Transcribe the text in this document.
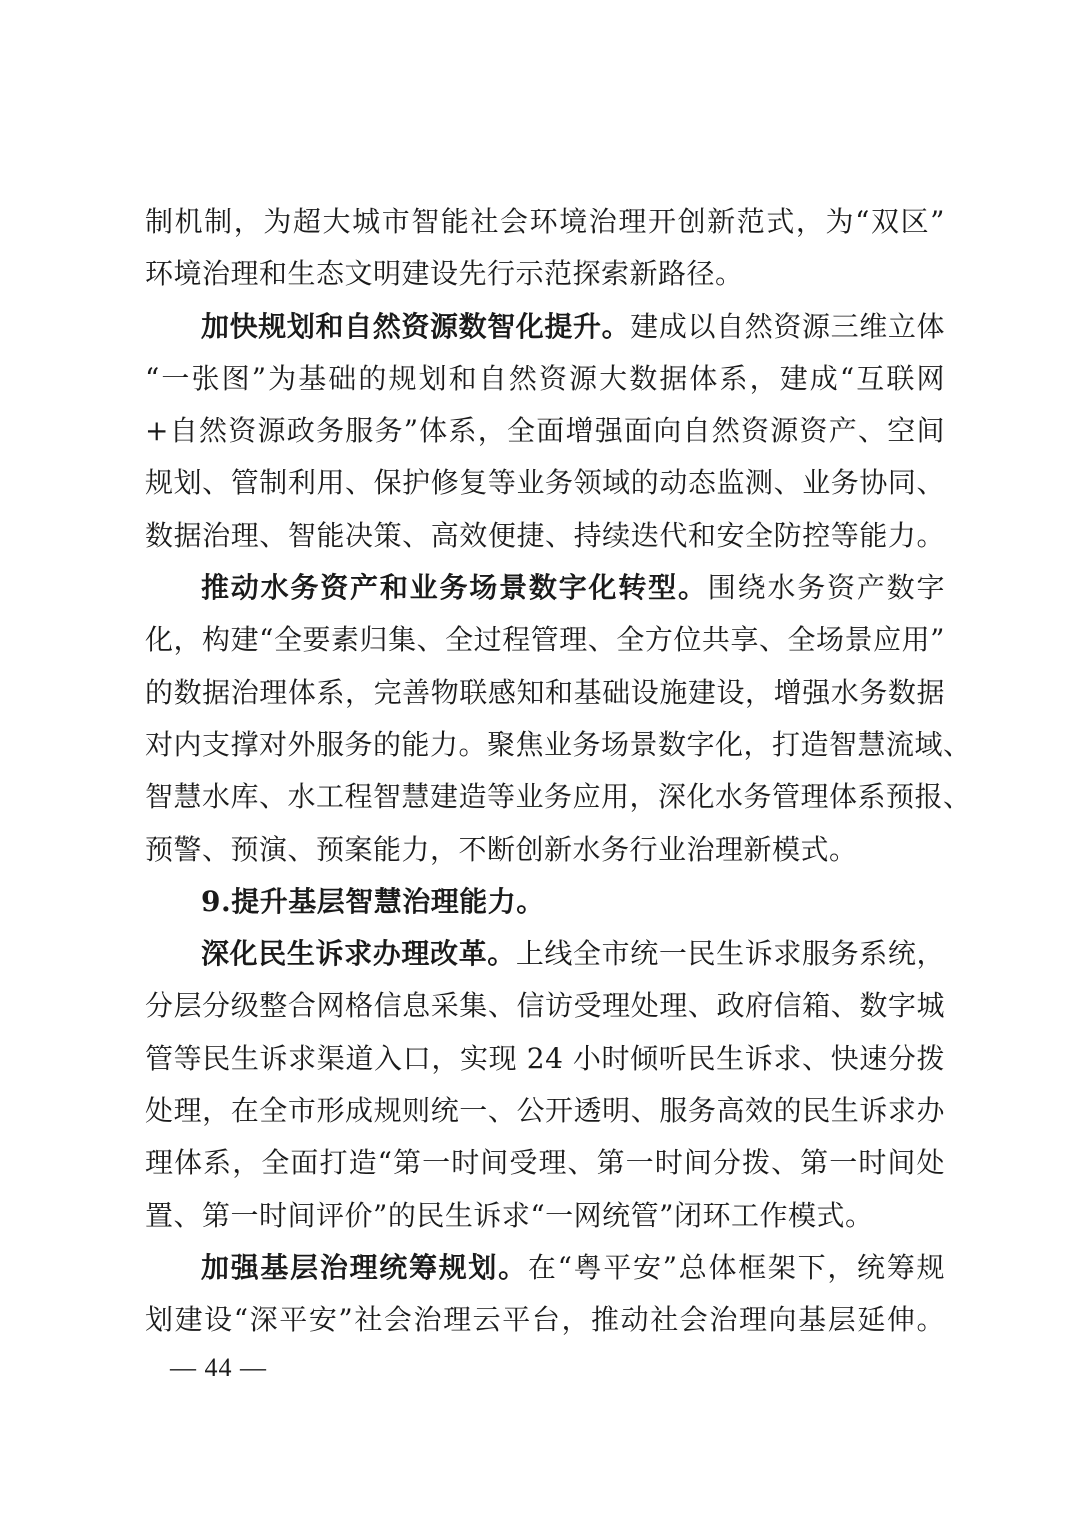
制机制，为超大城市智能社会环境治理开创新范式，为“双区”
环境治理和生态文明建设先行示范探索新路径。
加快规划和自然资源数智化提升。建成以自然资源三维立体
“一张图”为基础的规划和自然资源大数据体系，建成“互联网
+自然资源政务服务”体系，全面增强面向自然资源资产、空间
规划、管制利用、保护修复等业务领域的动态监测、业务协同、
数据治理、智能决策、高效便捷、持续迭代和安全防控等能力。
推动水务资产和业务场景数字化转型。围绕水务资产数字
化，构建“全要素归集、全过程管理、全方位共享、全场景应用”
的数据治理体系，完善物联感知和基础设施建设，增强水务数据
对内支撑对外服务的能力。聚焦业务场景数字化，打造智慧流域、
智慧水库、水工程智慧建造等业务应用，深化水务管理体系预报、
预警、预演、预案能力，不断创新水务行业治理新模式。
9.提升基层智慧治理能力。
深化民生诉求办理改革。上线全市统一民生诉求服务系统，
分层分级整合网格信息采集、信访受理处理、政府信箱、数字城
管等民生诉求渠道入口，实现 24 小时倾听民生诉求、快速分拨
处理，在全市形成规则统一、公开透明、服务高效的民生诉求办
理体系，全面打造“第一时间受理、第一时间分拨、第一时间处
置、第一时间评价”的民生诉求“一网统管”闭环工作模式。
加强基层治理统筹规划。在“粤平安”总体框架下，统筹规
划建设“深平安”社会治理云平台，推动社会治理向基层延伸。
— 44 —
